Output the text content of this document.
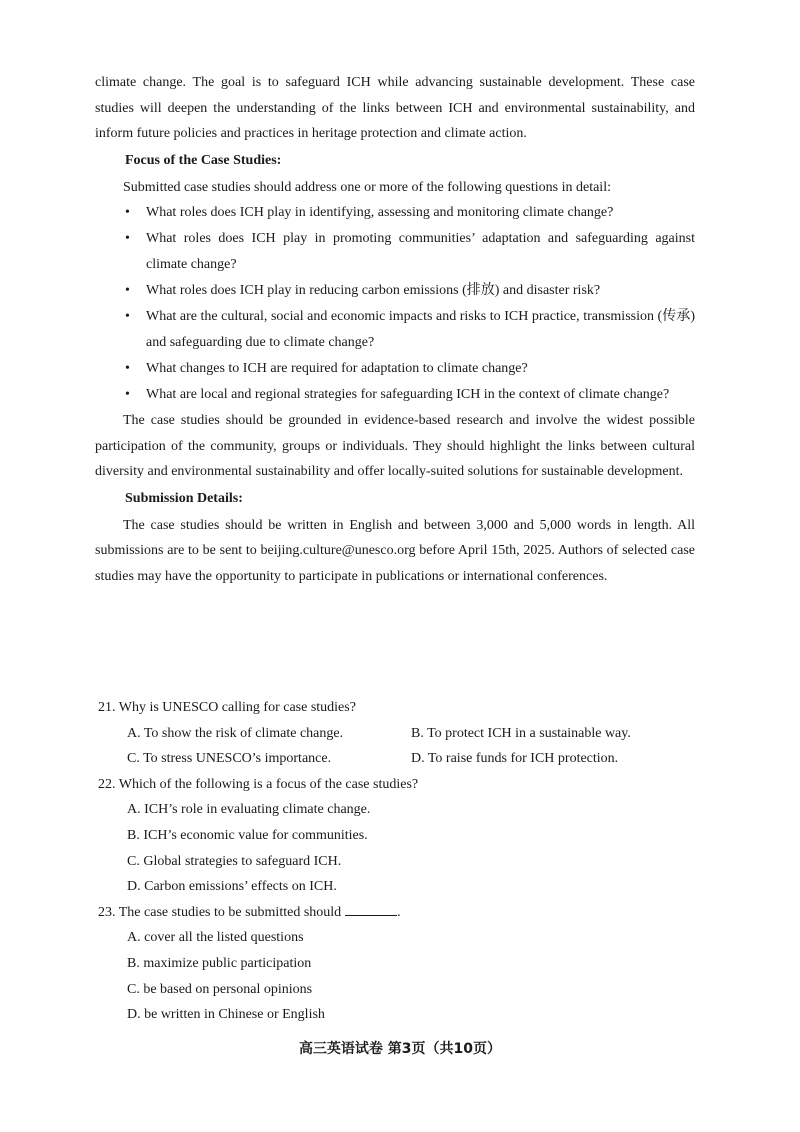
climate change. The goal is to safeguard ICH while advancing sustainable development. These case studies will deepen the understanding of the links between ICH and environmental sustainability, and inform future policies and practices in heritage protection and climate action.

Focus of the Case Studies:

Submitted case studies should address one or more of the following questions in detail:

• What roles does ICH play in identifying, assessing and monitoring climate change?
• What roles does ICH play in promoting communities’ adaptation and safeguarding against climate change?
• What roles does ICH play in reducing carbon emissions (排放) and disaster risk?
• What are the cultural, social and economic impacts and risks to ICH practice, transmission (传承) and safeguarding due to climate change?
• What changes to ICH are required for adaptation to climate change?
• What are local and regional strategies for safeguarding ICH in the context of climate change?

The case studies should be grounded in evidence-based research and involve the widest possible participation of the community, groups or individuals. They should highlight the links between cultural diversity and environmental sustainability and offer locally-suited solutions for sustainable development.

Submission Details:

The case studies should be written in English and between 3,000 and 5,000 words in length. All submissions are to be sent to beijing.culture@unesco.org before April 15th, 2025. Authors of selected case studies may have the opportunity to participate in publications or international conferences.

21. Why is UNESCO calling for case studies?

A. To show the risk of climate change.	B. To protect ICH in a sustainable way.
C. To stress UNESCO’s importance.	D. To raise funds for ICH protection.

22. Which of the following is a focus of the case studies?

A. ICH’s role in evaluating climate change.

B. ICH’s economic value for communities.

C. Global strategies to safeguard ICH.

D. Carbon emissions’ effects on ICH.

23. The case studies to be submitted should	.

A. cover all the listed questions

B. maximize public participation

C. be based on personal opinions

D. be written in Chinese or English

高三英语试卷 第3页（共10页）
